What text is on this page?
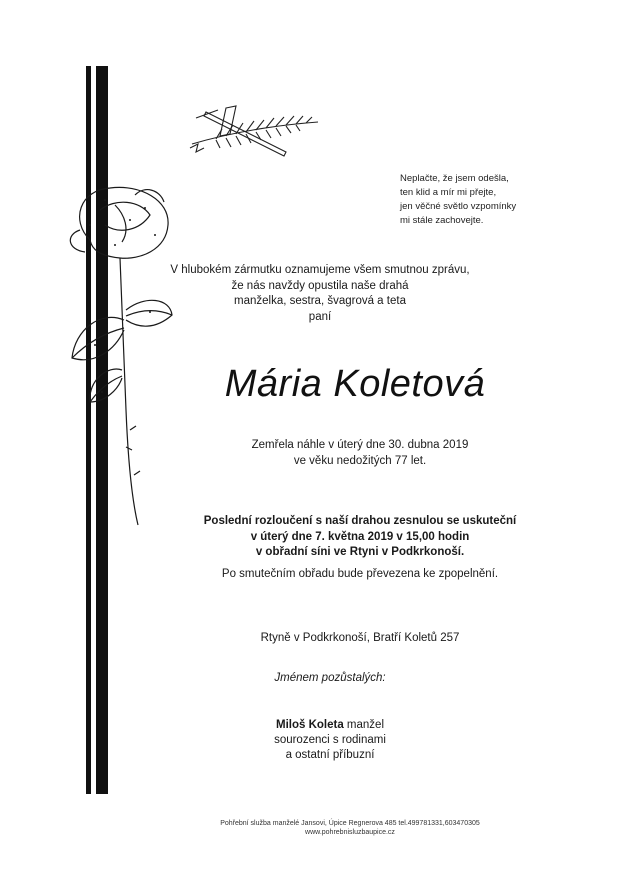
Neplačte, že jsem odešla,
ten klid a mír mi přejte,
jen věčné světlo vzpomínky
mi stále zachovejte.
V hlubokém zármutku oznamujeme všem smutnou zprávu,
že nás navždy opustila naše drahá
manželka, sestra, švagrová a teta
paní
Mária Koletová
Zemřela náhle v úterý dne 30. dubna 2019
ve věku nedožitých 77 let.
Poslední rozloučení s naší drahou zesnulou se uskuteční
v úterý dne 7. května 2019 v 15,00 hodin
v obřadní síni ve Rtyni v Podkrkonoší.
Po smutečním obřadu bude převezena ke zpopelnění.
Rtyně v Podkrkonoší, Bratří Koletů 257
Jménem pozůstalých:
Miloš Koleta manžel
sourozenci s rodinami
a ostatní příbuzní
Pohřební služba manželé Jansovi, Úpice Regnerova 485 tel.499781331,603470305
www.pohrebnisluzbaupice.cz
